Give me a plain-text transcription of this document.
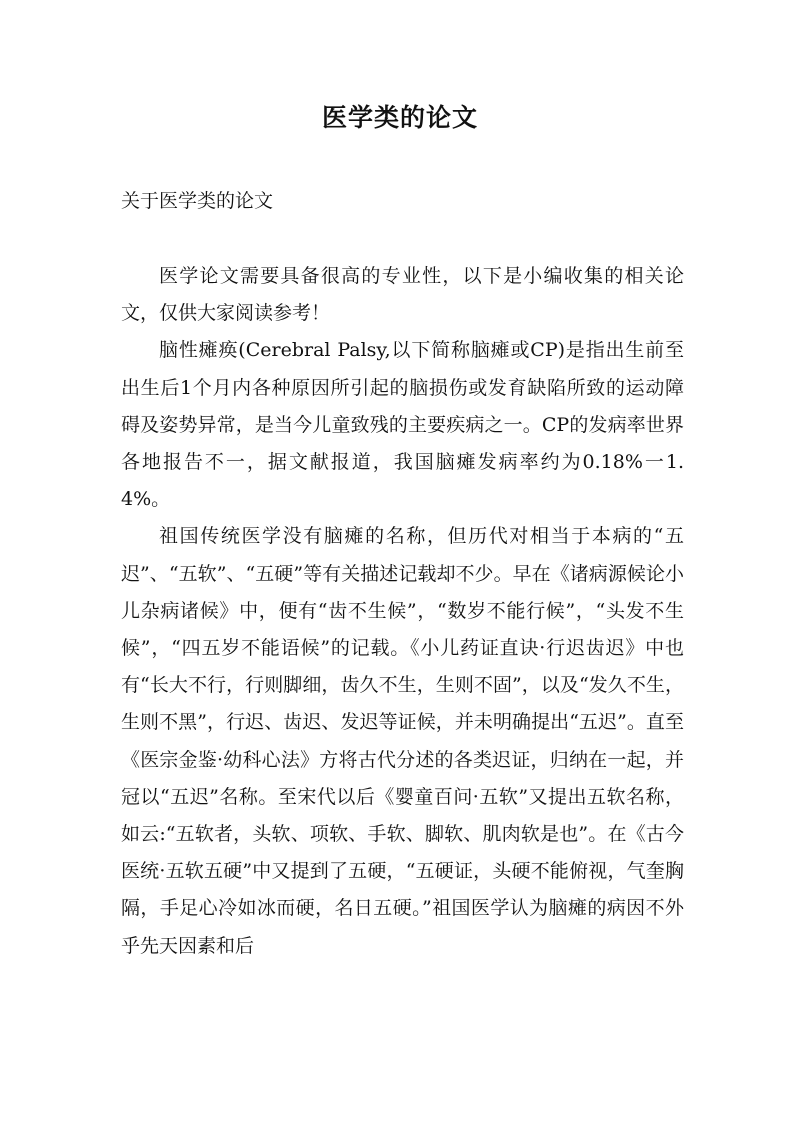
医学类的论文
关于医学类的论文

医学论文需要具备很高的专业性，以下是小编收集的相关论文，仅供大家阅读参考！

脑性瘫痪(Cerebral Palsy,以下简称脑瘫或CP)是指出生前至出生后1个月内各种原因所引起的脑损伤或发育缺陷所致的运动障碍及姿势异常，是当今儿童致残的主要疾病之一。CP的发病率世界各地报告不一，据文献报道，我国脑瘫发病率约为0.18%一1.4%。

祖国传统医学没有脑瘫的名称，但历代对相当于本病的“五迟”、“五软”、“五硬”等有关描述记载却不少。早在《诸病源候论小儿杂病诸候》中，便有“齿不生候”，“数岁不能行候”，“头发不生候”，“四五岁不能语候”的记载。《小儿药证直诀·行迟齿迟》中也有“长大不行，行则脚细，齿久不生，生则不固”，以及“发久不生，生则不黑”，行迟、齿迟、发迟等证候，并未明确提出“五迟”。直至《医宗金鉴·幼科心法》方将古代分述的各类迟证，归纳在一起，并冠以“五迟”名称。至宋代以后《婴童百问·五软”又提出五软名称，如云:“五软者，头软、项软、手软、脚软、肌肉软是也”。在《古今医统·五软五硬”中又提到了五硬，“五硬证，头硬不能俯视，气奎胸隔，手足心冷如冰而硬，名日五硬。”祖国医学认为脑瘫的病因不外乎先天因素和后
